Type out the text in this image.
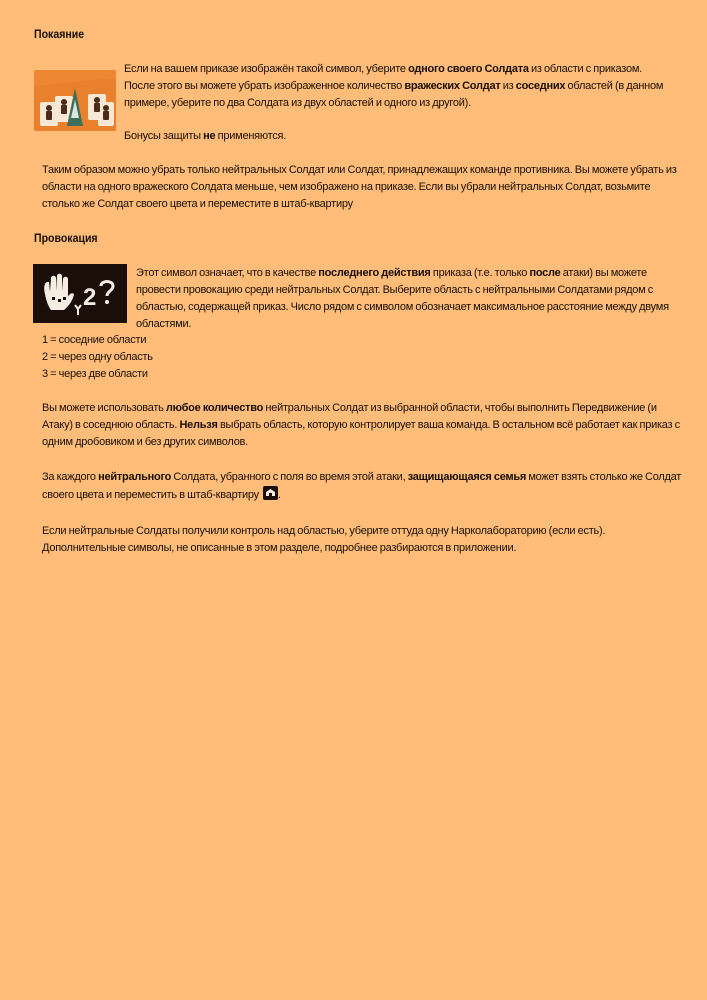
Покаяние
Если на вашем приказе изображён такой символ, уберите одного своего Солдата из области с приказом. После этого вы можете убрать изображенное количество вражеских Солдат из соседних областей (в данном примере, уберите по два Солдата из двух областей и одного из другой).
Бонусы защиты не применяются.
Таким образом можно убрать только нейтральных Солдат или Солдат, принадлежащих команде противника. Вы можете убрать из области на одного вражеского Солдата меньше, чем изображено на приказе. Если вы убрали нейтральных Солдат, возьмите столько же Солдат своего цвета и переместите в штаб-квартиру
Провокация
2
Этот символ означает, что в качестве последнего действия приказа (т.е. только после атаки) вы можете провести провокацию среди нейтральных Солдат. Выберите область с нейтральными Солдатами рядом с областью, содержащей приказ. Число рядом с символом обозначает максимальное расстояние между двумя областями.
1 = соседние области
2 = через одну область
3 = через две области
Вы можете использовать любое количество нейтральных Солдат из выбранной области, чтобы выполнить Передвижение (и Атаку) в соседнюю область. Нельзя выбрать область, которую контролирует ваша команда. В остальном всё работает как приказ с одним дробовиком и без других символов.
За каждого нейтрального Солдата, убранного с поля во время этой атаки, защищающаяся семья может взять столько же Солдат своего цвета и переместить в штаб-квартиру .
Если нейтральные Солдаты получили контроль над областью, уберите оттуда одну Нарколабораторию (если есть).
Дополнительные символы, не описанные в этом разделе, подробнее разбираются в приложении.
